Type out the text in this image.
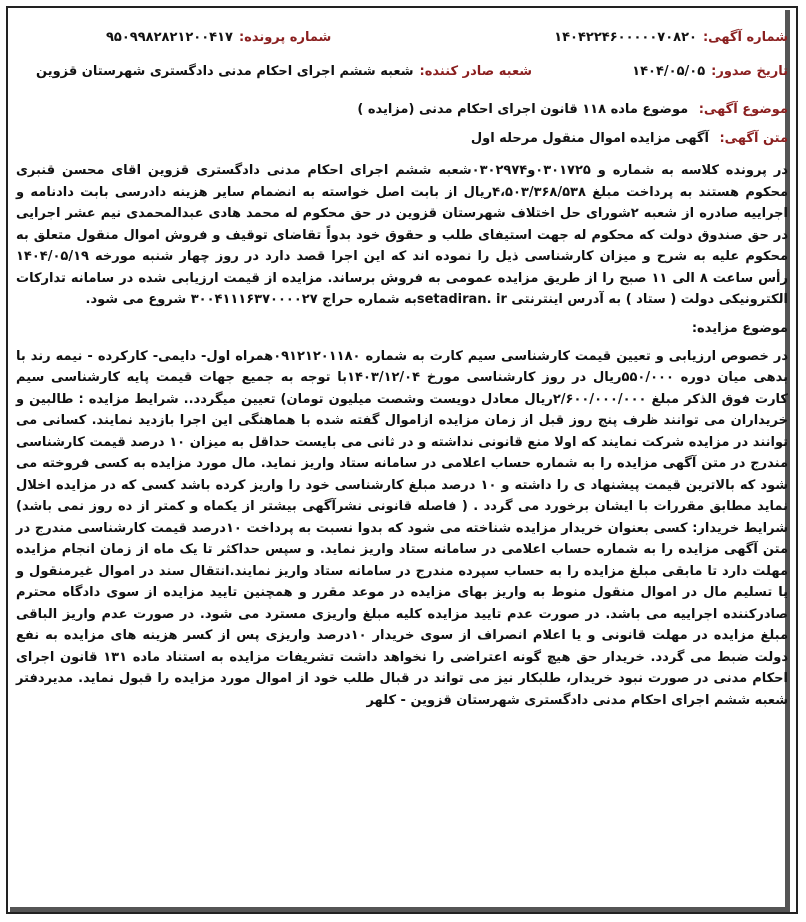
شماره آگهی:
۱۴۰۴۲۲۴۶۰۰۰۰۰۷۰۸۲۰
شماره پرونده:
۹۵۰۹۹۸۲۸۲۱۲۰۰۴۱۷
تاریخ صدور:
۱۴۰۴/۰۵/۰۵
شعبه صادر کننده:
شعبه ششم اجرای احکام مدنی دادگستری شهرستان قزوین
موضوع آگهی: موضوع ماده ۱۱۸ قانون اجرای احکام مدنی (مزایده )
متن آگهی: آگهی مزایده اموال منقول مرحله اول
در پرونده کلاسه به شماره و ۰۳۰۱۷۲۵و۰۳۰۲۹۷۴شعبه ششم اجرای احکام مدنی دادگستری قزوین اقای محسن قنبری محکوم هستند به پرداخت مبلغ ۴،۵۰۳/۳۶۸/۵۳۸ریال از بابت اصل خواسته به انضمام سایر هزینه دادرسی بابت دادنامه و اجراییه صادره از شعبه ۲شورای حل اختلاف شهرستان قزوین در حق محکوم له محمد هادی عبدالمحمدی نیم عشر اجرایی در حق صندوق دولت که محکوم له جهت استیفای طلب و حقوق خود بدواً تقاضای توقیف و فروش اموال منقول متعلق به محکوم علیه به شرح و میزان کارشناسی ذیل را نموده اند که این اجرا قصد دارد در روز چهار شنبه مورخه ۱۴۰۴/۰۵/۱۹ رأس ساعت ۸ الی ۱۱ صبح را از طریق مزایده عمومی به فروش برساند. مزایده از قیمت ارزیابی شده در سامانه تدارکات الکترونیکی دولت ( ستاد ) به آدرس اینترنتی setadiran. irبه شماره حراج ۳۰۰۴۱۱۱۶۳۷۰۰۰۰۲۷ شروع می شود.
موضوع مزایده:
در خصوص ارزیابی و تعیین قیمت کارشناسی سیم کارت به شماره ۰۹۱۲۱۲۰۱۱۸۰همراه اول- دایمی- کارکرده - نیمه رند با بدهی میان دوره ۵۵۰/۰۰۰ریال در روز کارشناسی مورخ ۱۴۰۳/۱۲/۰۴با توجه به جمیع جهات قیمت پایه کارشناسی سیم کارت فوق الذکر مبلغ ۲/۶۰۰/۰۰۰/۰۰۰ریال معادل دویست وشصت میلیون تومان) تعیین میگردد.. شرایط مزایده : طالبین و خریداران می توانند ظرف پنج روز قبل از زمان مزایده ازاموال گفته شده با هماهنگی این اجرا بازدید نمایند. کسانی می توانند در مزایده شرکت نمایند که اولا منع قانونی نداشته و در ثانی می بایست حداقل به میزان ۱۰ درصد قیمت کارشناسی مندرج در متن آگهی مزایده را به شماره حساب اعلامی در سامانه ستاد واریز نماید. مال مورد مزایده به کسی فروخته می شود که بالاترین قیمت پیشنهاد ی را داشته و ۱۰ درصد مبلغ کارشناسی خود را واریز کرده باشد کسی که در مزایده اخلال نماید مطابق مقررات با ایشان برخورد می گردد . ( فاصله قانونی نشرآگهی بیشتر از یکماه و کمتر از ده روز نمی باشد) شرایط خریدار: کسی بعنوان خریدار مزایده شناخته می شود که بدوا نسبت به پرداخت ۱۰درصد قیمت کارشناسی مندرج در متن آگهی مزایده را به شماره حساب اعلامی در سامانه ستاد واریز نماید. و سپس حداکثر تا یک ماه از زمان انجام مزایده مهلت دارد تا مابقی مبلغ مزایده را به حساب سپرده مندرج در سامانه ستاد واریز نمایند.انتقال سند در اموال غیرمنقول و یا تسلیم مال در اموال منقول منوط به واریز بهای مزایده در موعد مقرر و همچنین تایید مزایده از سوی دادگاه محترم صادرکننده اجراییه می باشد. در صورت عدم تایید مزایده کلیه مبلغ واریزی مسترد می شود. در صورت عدم واریز الباقی مبلغ مزایده در مهلت قانونی و یا اعلام انصراف از سوی خریدار ۱۰درصد واریزی پس از کسر هزینه های مزایده به نفع دولت ضبط می گردد. خریدار حق هیچ گونه اعتراضی را نخواهد داشت تشریفات مزایده به استناد ماده ۱۳۱ قانون اجرای احکام مدنی در صورت نبود خریدار، طلبکار نیز می تواند در قبال طلب خود از اموال مورد مزایده را قبول نماید. مدیردفتر شعبه ششم اجرای احکام مدنی دادگستری شهرستان قزوین - کلهر
